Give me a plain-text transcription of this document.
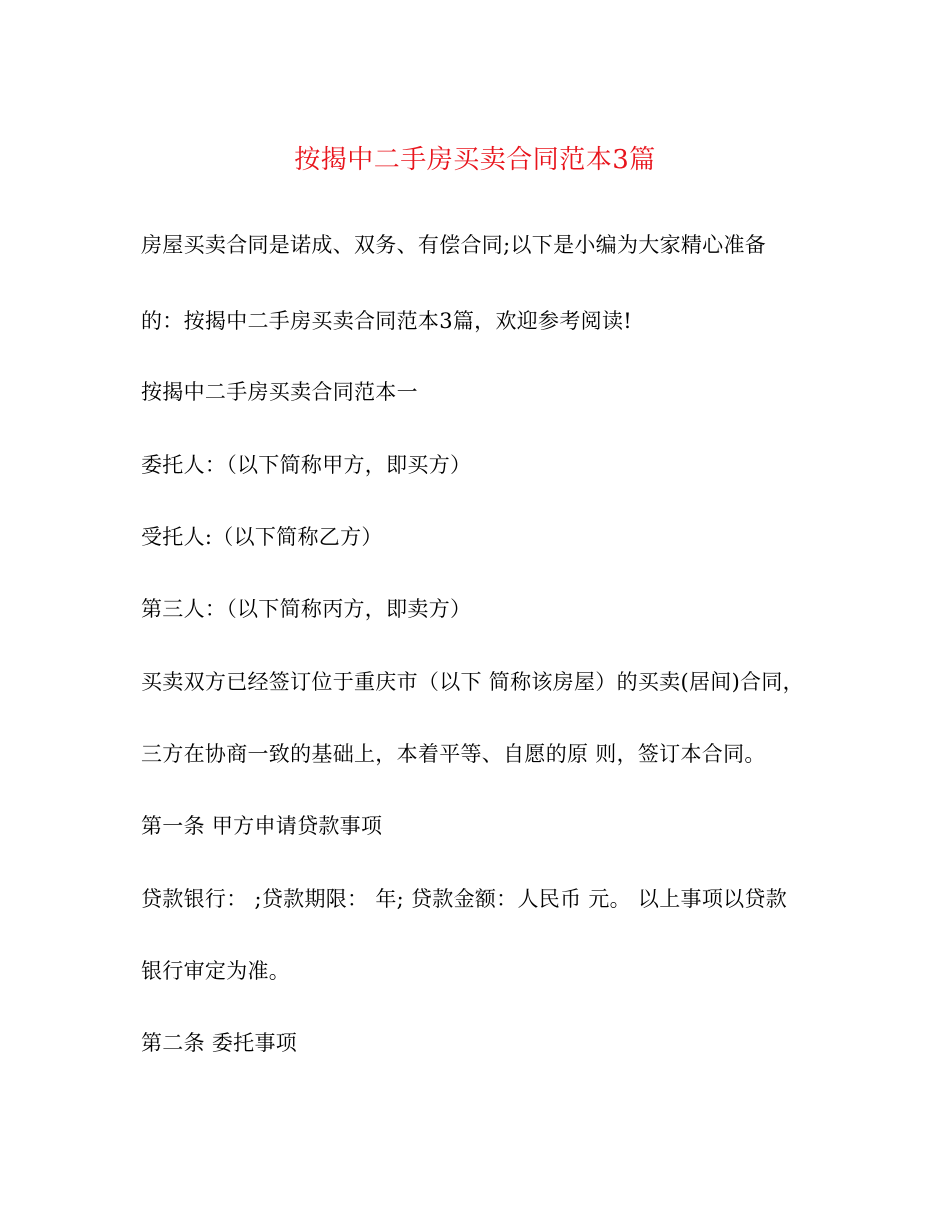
按揭中二手房买卖合同范本3篇
房屋买卖合同是诺成、双务、有偿合同;以下是小编为大家精心准备
的：按揭中二手房买卖合同范本3篇，欢迎参考阅读!
按揭中二手房买卖合同范本一
委托人：（以下简称甲方，即买方）
受托人:（以下简称乙方）
第三人：（以下简称丙方，即卖方）
买卖双方已经签订位于重庆市（以下 简称该房屋）的买卖(居间)合同，
三方在协商一致的基础上，本着平等、自愿的原 则，签订本合同。
第一条 甲方申请贷款事项
贷款银行： ;贷款期限： 年; 贷款金额：人民币 元。 以上事项以贷款
银行审定为准。
第二条 委托事项
